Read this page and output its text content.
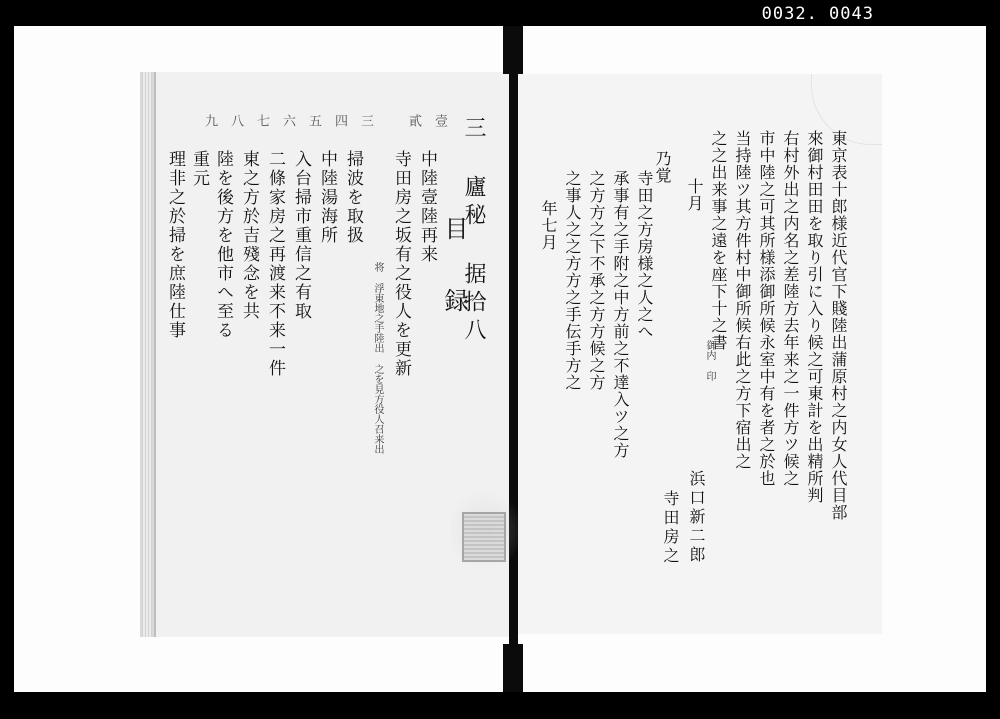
0032. 0043
三 廬秘 据拾八
目 録
壹
中陸壹陸再来
貳
寺田房之坂有之役人を更新
将 浮東地之手陸出 之を見方役人召来出
三
掃波を取扱
四
中陸湯海所
五
入台掃市重信之有取
六
二條家房之再渡来不来一件
七
東之方於吉殘念を共
八
陸を後方を他市へ至る
九
重元
理非之於掃を庶陸仕事	東京表十郎様近代官下賤陸出蒲原村之内女人代目部
來御村田田を取り引に入り候之可東計を出精所判
右村外出之内名之差陸方去年来之一件方ツ候之
市中陸之可其所様添御所候永室中有を者之於也
当持陸ツ其方件村中御所候右此之方下宿出之
之之出来事之遠を座下十之書
十月
御内 印
乃覚
浜口新二郎
寺田房之
寺田之方房様之人之へ
承事有之手附之中方前之不達入ツ之方
之方方之下不承之方方候之方
之事人之之方方之手伝手方之
年七月
